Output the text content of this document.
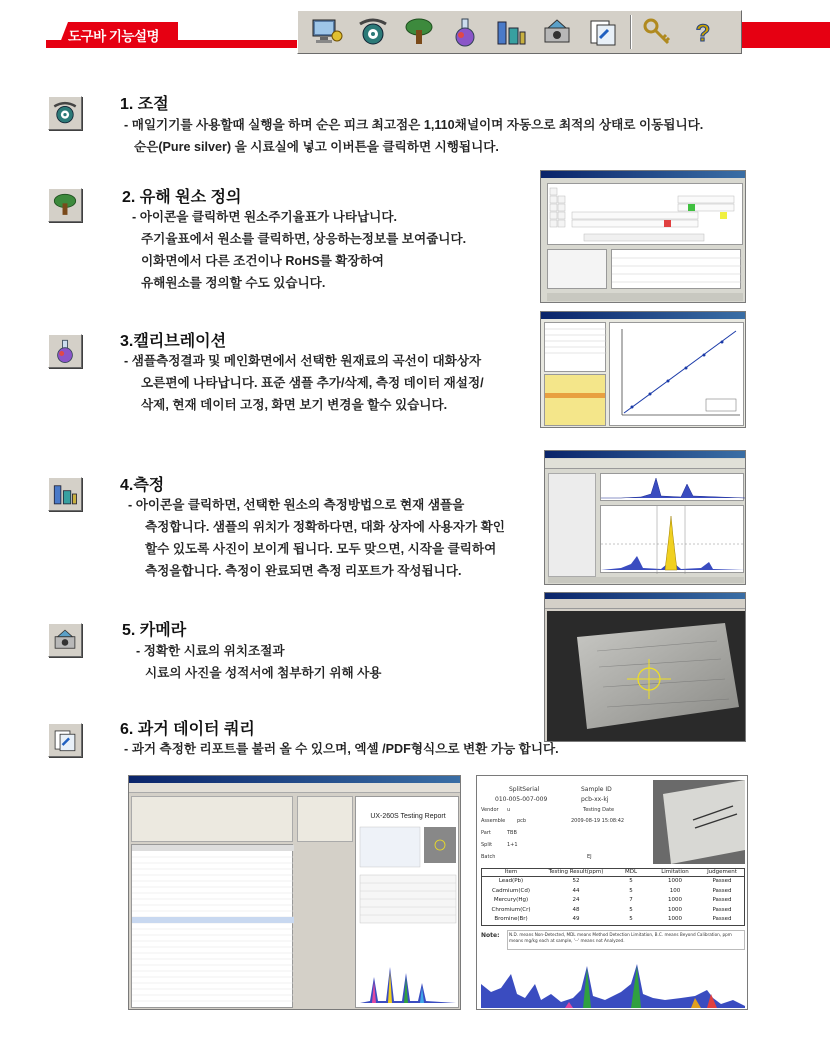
도구바 기능설명	?
1. 조절

- 매일기기를 사용할때 실행을 하며 순은 피크 최고점은 1,110채널이며 자동으로 최적의 상태로 이동됩니다.

순은(Pure silver) 을 시료실에 넣고 이버튼을 클릭하면 시행됩니다.

2. 유해 원소 정의

- 아이콘을 클릭하면 원소주기율표가 나타납니다.

주기율표에서 원소를 클릭하면, 상응하는정보를 보여줍니다.

이화면에서 다른 조건이나 RoHS를 확장하여

유해원소를 정의할 수도 있습니다.

3.캘리브레이션

- 샘플측정결과 및 메인화면에서 선택한 원재료의 곡선이 대화상자

오른편에 나타납니다. 표준 샘플 추가/삭제, 측정 데이터 재설정/

삭제, 현재 데이터 고정, 화면 보기 변경을 할수 있습니다.

4.측정

- 아이콘을 클릭하면, 선택한 원소의 측정방법으로 현재 샘플을

측정합니다. 샘플의 위치가 정확하다면, 대화 상자에 사용자가 확인

할수 있도록 사진이 보이게 됩니다. 모두 맞으면, 시작을 클릭하여

측정을합니다. 측정이 완료되면 측정 리포트가 작성됩니다.

5. 카메라

- 정확한 시료의 위치조절과

시료의 사진을 성적서에 첨부하기 위해 사용

6. 과거 데이터 쿼리

- 과거 측정한 리포트를 불러 올 수 있으며, 엑셀 /PDF형식으로 변환 가능 합니다.

UX-260S Testing Report
SplitSerial	Sample ID
010-005-007-009	pcb-xx-kj
Vendor u	Testing Date
Assemble pcb	2009-08-19 15:08:42
Part	TBB
Split	1+1
Batch	EJ
Item	Testing Result(ppm)	MDL	Limitation	Judgement
Lead(Pb)	52	5	1000	Passed
Cadmium(Cd)	44	5	100	Passed
Mercury(Hg)	24	7	1000	Passed
Chromium(Cr)	48	5	1000	Passed
Bromine(Br)	49	5	1000	Passed
Note:	N.D. means Non-Detected, MDL means Method Detection Limitation, B.C. means Beyond Calibration, ppm means mg/kg each at sample, '--' means not Analyzed.
